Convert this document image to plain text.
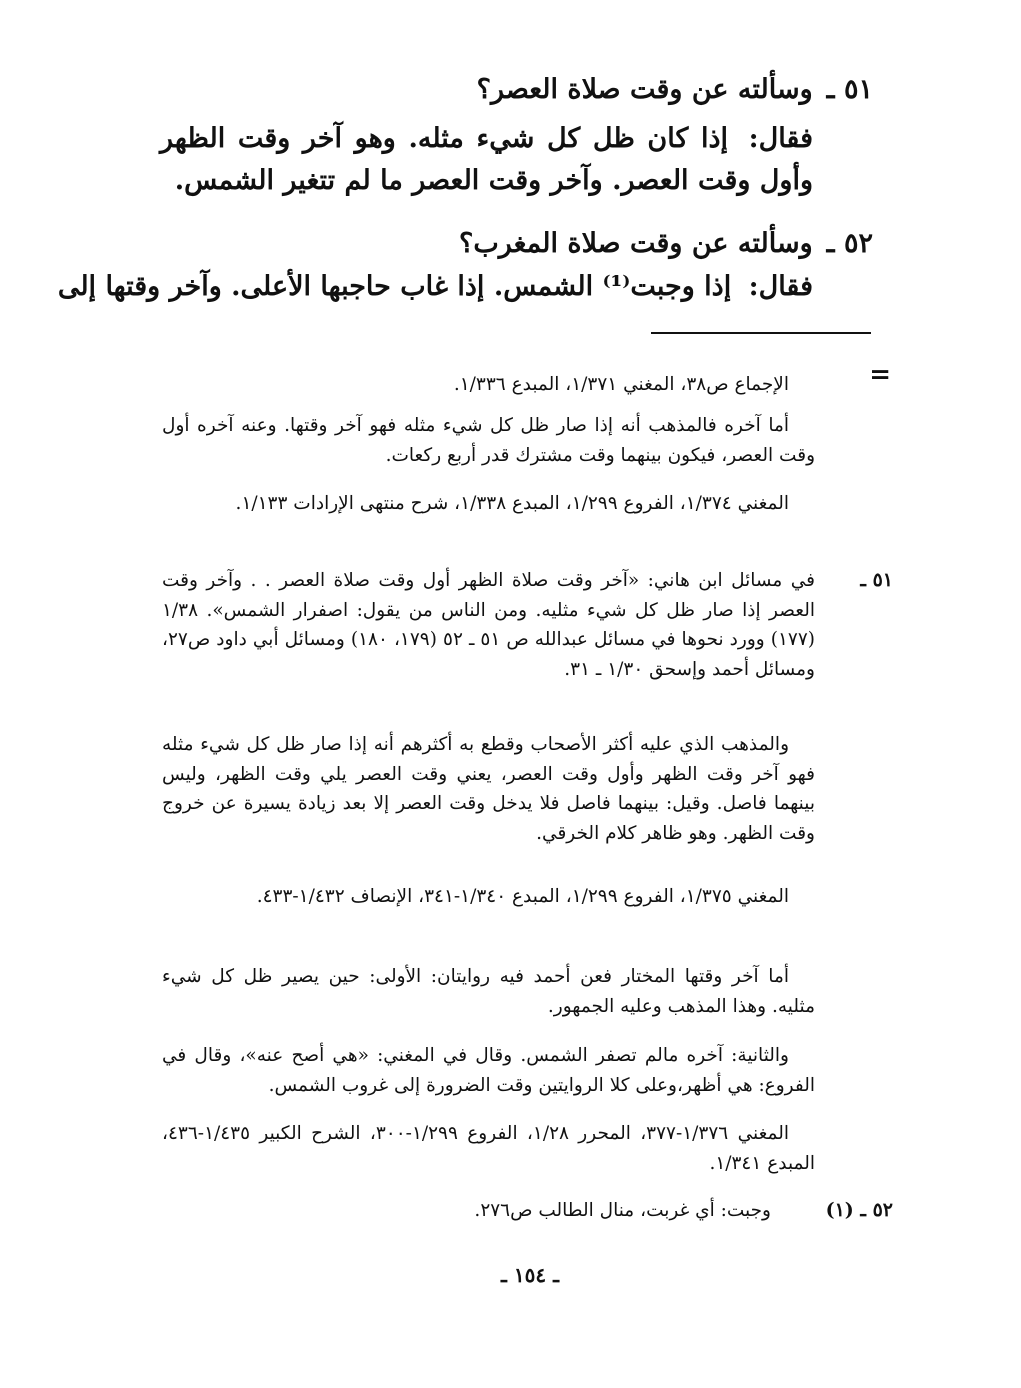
٥١ ـوسألته عن وقت صلاة العصر؟
فقال: إذا كان ظل كل شيء مثله. وهو آخر وقت الظهر وأول وقت العصر. وآخر وقت العصر ما لم تتغير الشمس.
٥٢ ـوسألته عن وقت صلاة المغرب؟
فقال: إذا وجبت⁽¹⁾ الشمس. إذا غاب حاجبها الأعلى. وآخر وقتها إلى
=
الإجماع ص٣٨، المغني ١/٣٧١، المبدع ١/٣٣٦.
أما آخره فالمذهب أنه إذا صار ظل كل شيء مثله فهو آخر وقتها. وعنه آخره أول وقت العصر، فيكون بينهما وقت مشترك قدر أربع ركعات.
المغني ١/٣٧٤، الفروع ١/٢٩٩، المبدع ١/٣٣٨، شرح منتهى الإرادات ١/١٣٣.
٥١ ـ
في مسائل ابن هاني: «آخر وقت صلاة الظهر أول وقت صلاة العصر . . وآخر وقت العصر إذا صار ظل كل شيء مثليه. ومن الناس من يقول: اصفرار الشمس». ١/٣٨ (١٧٧) وورد نحوها في مسائل عبدالله ص ٥١ ـ ٥٢ (١٧٩، ١٨٠) ومسائل أبي داود ص٢٧، ومسائل أحمد وإسحق ١/٣٠ ـ ٣١.
والمذهب الذي عليه أكثر الأصحاب وقطع به أكثرهم أنه إذا صار ظل كل شيء مثله فهو آخر وقت الظهر وأول وقت العصر، يعني وقت العصر يلي وقت الظهر، وليس بينهما فاصل. وقيل: بينهما فاصل فلا يدخل وقت العصر إلا بعد زيادة يسيرة عن خروج وقت الظهر. وهو ظاهر كلام الخرقي.
المغني ١/٣٧٥، الفروع ١/٢٩٩، المبدع ١/٣٤٠-٣٤١، الإنصاف ١/٤٣٢-٤٣٣.
أما آخر وقتها المختار فعن أحمد فيه روايتان: الأولى: حين يصير ظل كل شيء مثليه. وهذا المذهب وعليه الجمهور.
والثانية: آخره مالم تصفر الشمس. وقال في المغني: «هي أصح عنه»، وقال في الفروع: هي أظهر،وعلى كلا الروايتين وقت الضرورة إلى غروب الشمس.
المغني ١/٣٧٦-٣٧٧، المحرر ١/٢٨، الفروع ١/٢٩٩-٣٠٠، الشرح الكبير ١/٤٣٥-٤٣٦، المبدع ١/٣٤١.
٥٢ ـ (١)
وجبت: أي غربت، منال الطالب ص٢٧٦.
ـ ١٥٤ ـ
